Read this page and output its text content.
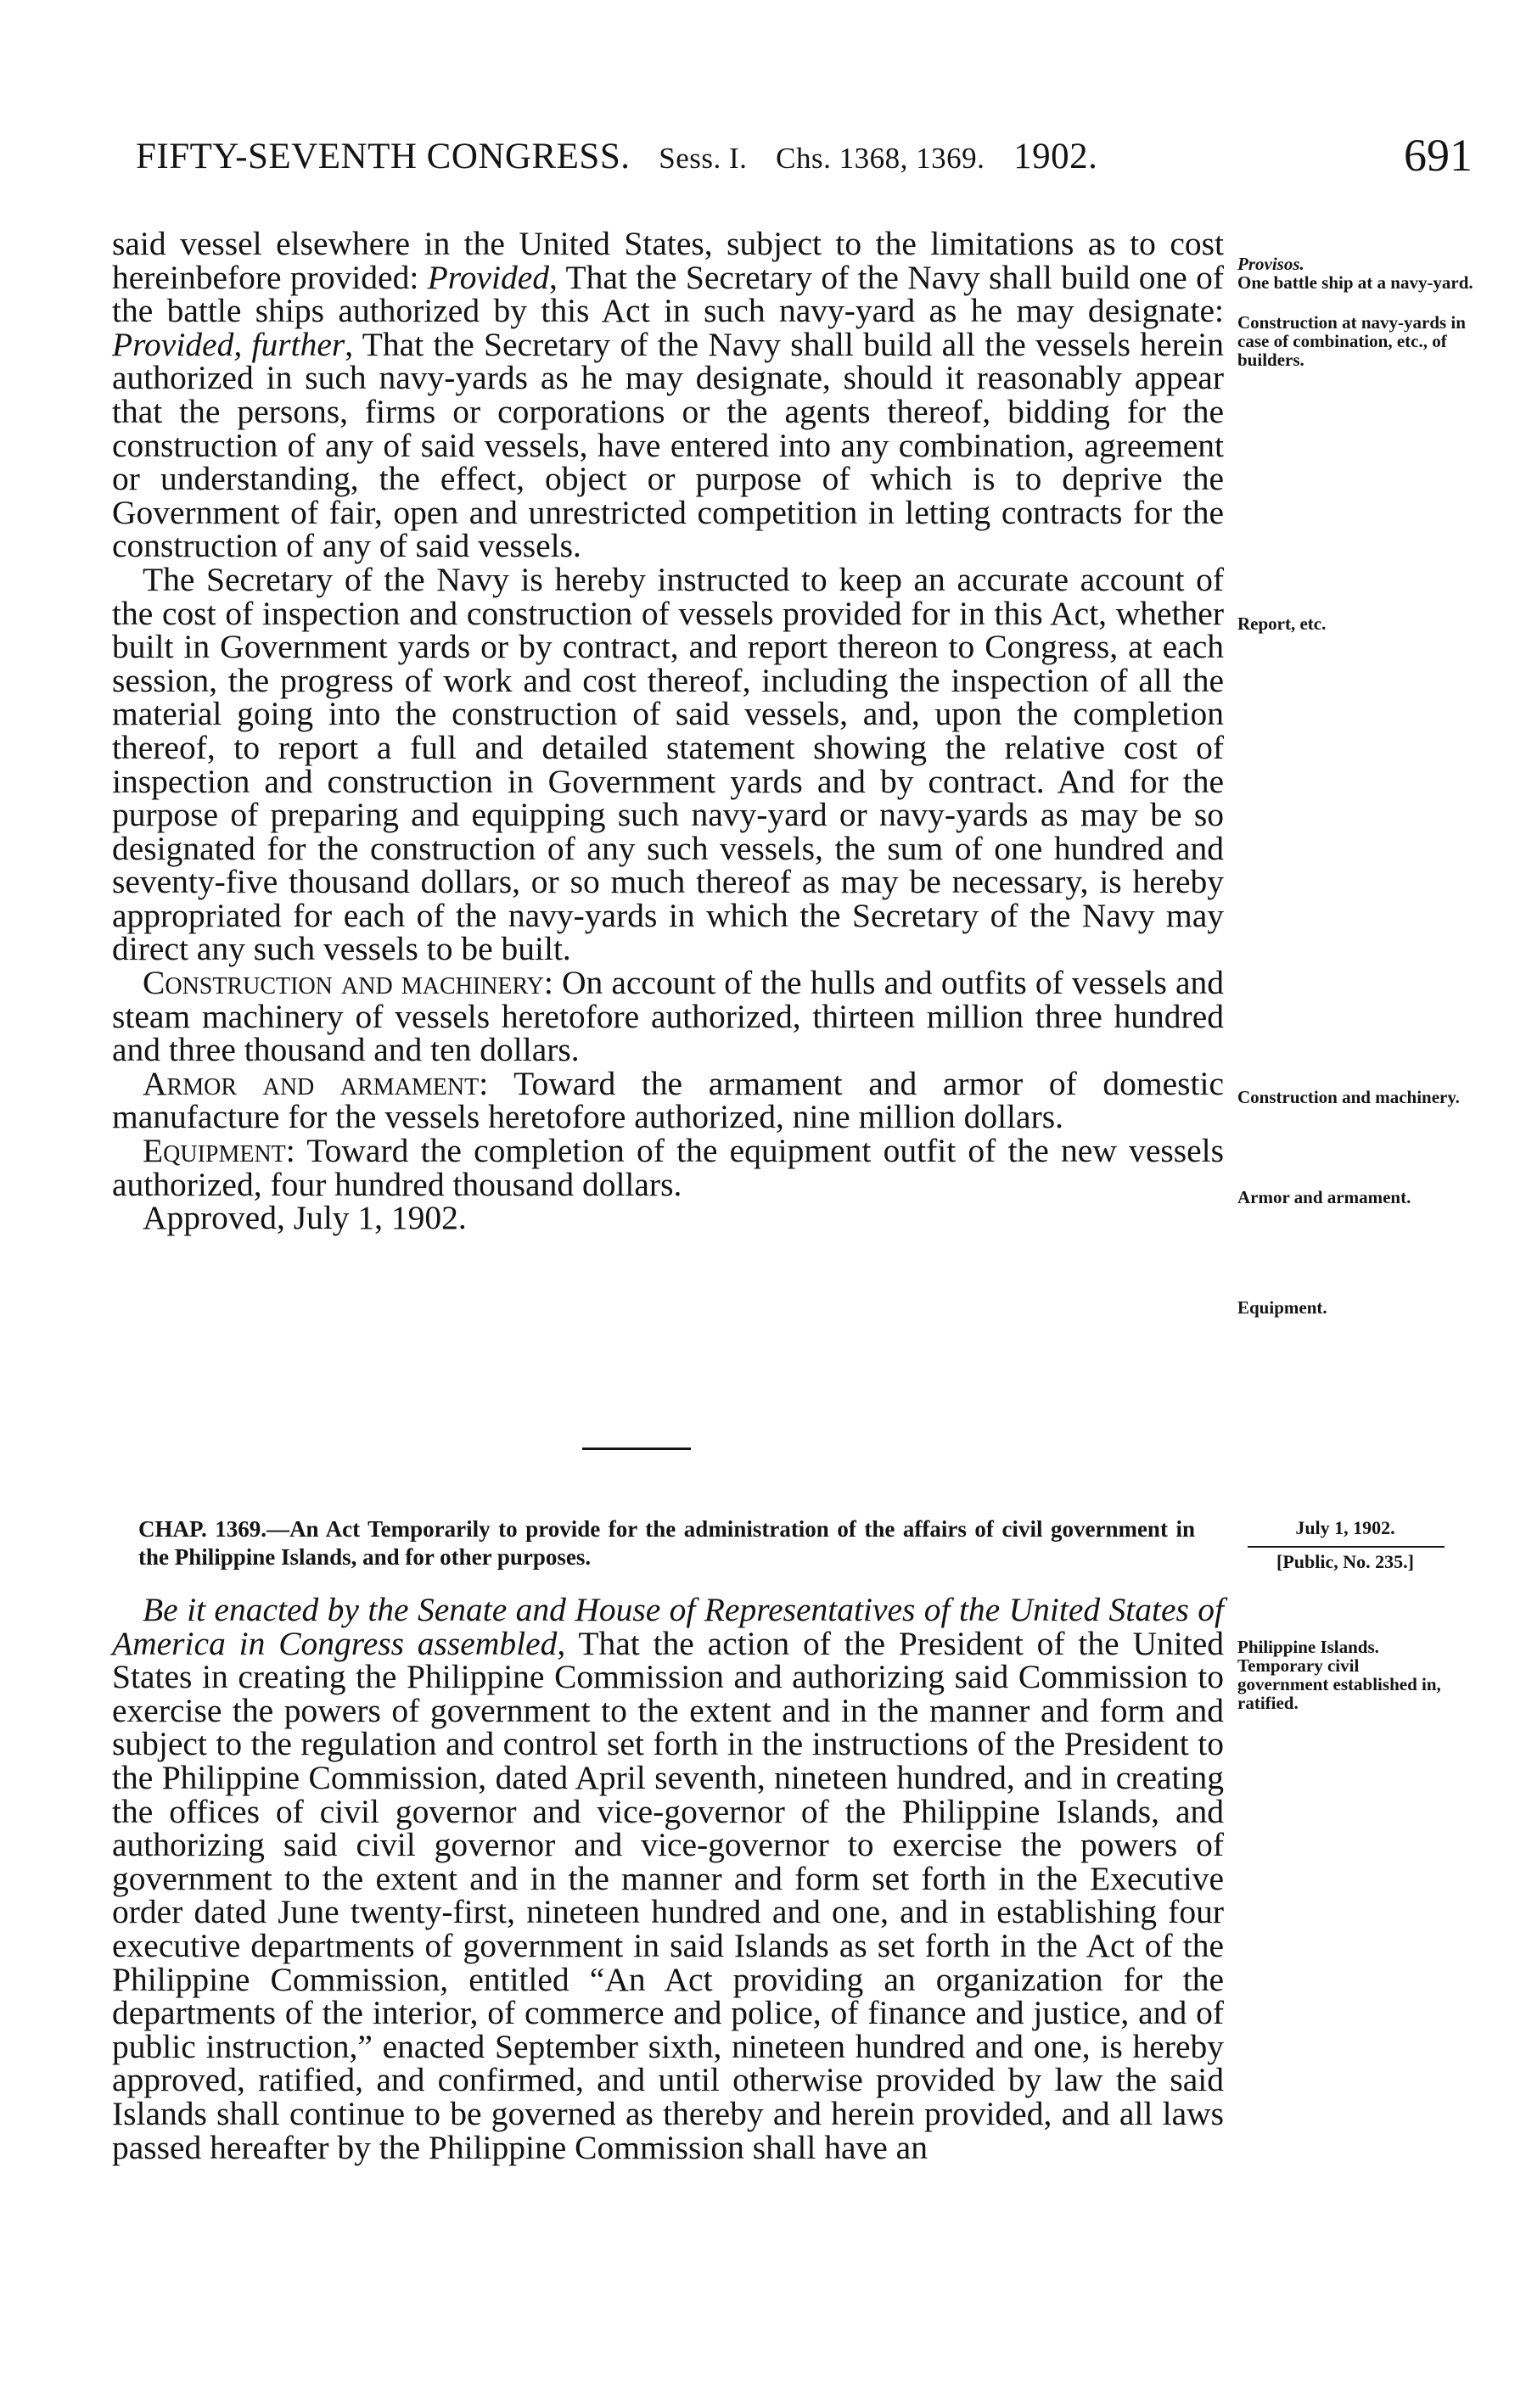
FIFTY-SEVENTH CONGRESS. Sess. I. Chs. 1368, 1369. 1902.	691

said vessel elsewhere in the United States, subject to the limitations as to cost hereinbefore provided: Provided, That the Secretary of the Navy shall build one of the battle ships authorized by this Act in such navy-yard as he may designate: Provided, further, That the Secretary of the Navy shall build all the vessels herein authorized in such navy-yards as he may designate, should it reasonably appear that the persons, firms or corporations or the agents thereof, bidding for the construction of any of said vessels, have entered into any combination, agreement or understanding, the effect, object or purpose of which is to deprive the Government of fair, open and unrestricted competition in letting contracts for the construction of any of said vessels.

The Secretary of the Navy is hereby instructed to keep an accurate account of the cost of inspection and construction of vessels provided for in this Act, whether built in Government yards or by contract, and report thereon to Congress, at each session, the progress of work and cost thereof, including the inspection of all the material going into the construction of said vessels, and, upon the completion thereof, to report a full and detailed statement showing the relative cost of inspection and construction in Government yards and by contract. And for the purpose of preparing and equipping such navy-yard or navy-yards as may be so designated for the construction of any such vessels, the sum of one hundred and seventy-five thousand dollars, or so much thereof as may be necessary, is hereby appropriated for each of the navy-yards in which the Secretary of the Navy may direct any such vessels to be built.

Construction and machinery: On account of the hulls and outfits of vessels and steam machinery of vessels heretofore authorized, thirteen million three hundred and three thousand and ten dollars.

Armor and armament: Toward the armament and armor of domestic manufacture for the vessels heretofore authorized, nine million dollars.

Equipment: Toward the completion of the equipment outfit of the new vessels authorized, four hundred thousand dollars.

Approved, July 1, 1902.

Provisos.
One battle ship at a navy-yard.
Construction at navy-yards in case of combination, etc., of builders.
Report, etc.
Construction and machinery.
Armor and armament.
Equipment.
CHAP. 1369.—An Act Temporarily to provide for the administration of the affairs of civil government in the Philippine Islands, and for other purposes.
July 1, 1902.
[Public, No. 235.]

Be it enacted by the Senate and House of Representatives of the United States of America in Congress assembled, That the action of the President of the United States in creating the Philippine Commission and authorizing said Commission to exercise the powers of government to the extent and in the manner and form and subject to the regulation and control set forth in the instructions of the President to the Philippine Commission, dated April seventh, nineteen hundred, and in creating the offices of civil governor and vice-governor of the Philippine Islands, and authorizing said civil governor and vice-governor to exercise the powers of government to the extent and in the manner and form set forth in the Executive order dated June twenty-first, nineteen hundred and one, and in establishing four executive departments of government in said Islands as set forth in the Act of the Philippine Commission, entitled “An Act providing an organization for the departments of the interior, of commerce and police, of finance and justice, and of public instruction,” enacted September sixth, nineteen hundred and one, is hereby approved, ratified, and confirmed, and until otherwise provided by law the said Islands shall continue to be governed as thereby and herein provided, and all laws passed hereafter by the Philippine Commission shall have an

Philippine Islands.
Temporary civil government established in, ratified.
